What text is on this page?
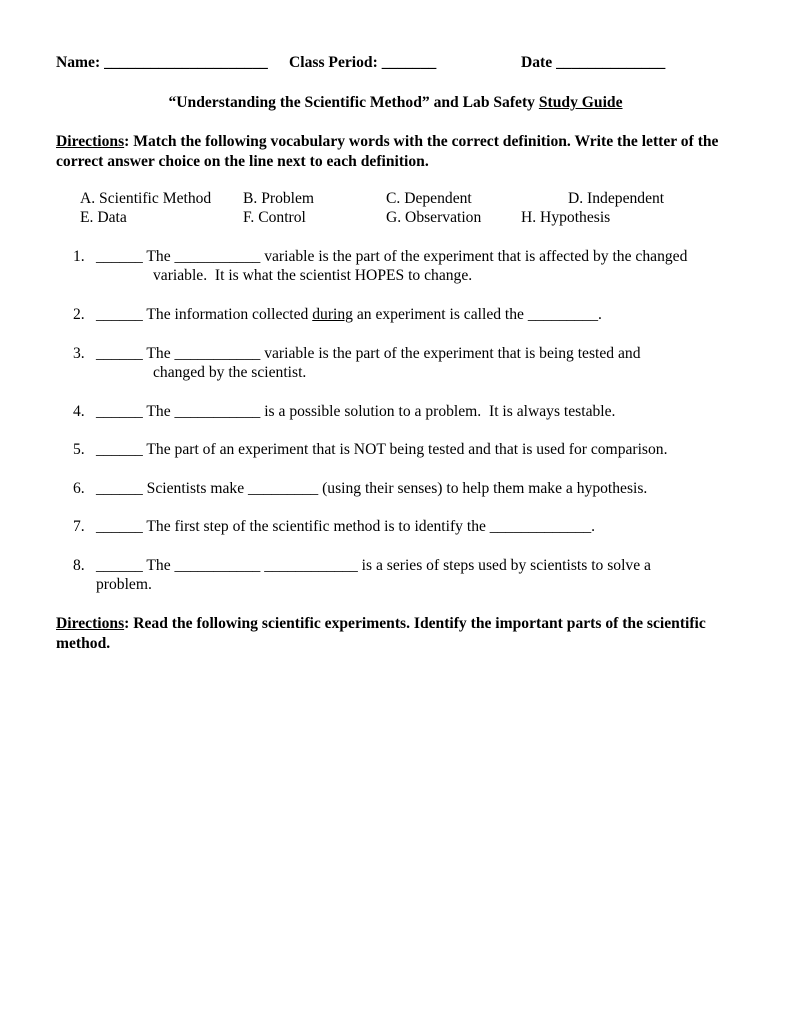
Name: _____________________ Class Period: _______	Date ______________
“Understanding the Scientific Method” and Lab Safety Study Guide
Directions: Match the following vocabulary words with the correct definition. Write the letter of the correct answer choice on the line next to each definition.
A. Scientific Method B. Problem	C. Dependent	D. Independent
E. Data	F. Control	G. Observation	H. Hypothesis
1. ______ The ___________ variable is the part of the experiment that is affected by the changed
variable.  It is what the scientist HOPES to change.
2. ______ The information collected during an experiment is called the _________.
3. ______ The ___________ variable is the part of the experiment that is being tested and
changed by the scientist.
4. ______ The ___________ is a possible solution to a problem.  It is always testable.
5. ______ The part of an experiment that is NOT being tested and that is used for comparison.
6. ______ Scientists make _________ (using their senses) to help them make a hypothesis.
7. ______ The first step of the scientific method is to identify the _____________.
8. ______ The ___________ ____________ is a series of steps used by scientists to solve a
problem.
Directions: Read the following scientific experiments. Identify the important parts of the scientific method.
